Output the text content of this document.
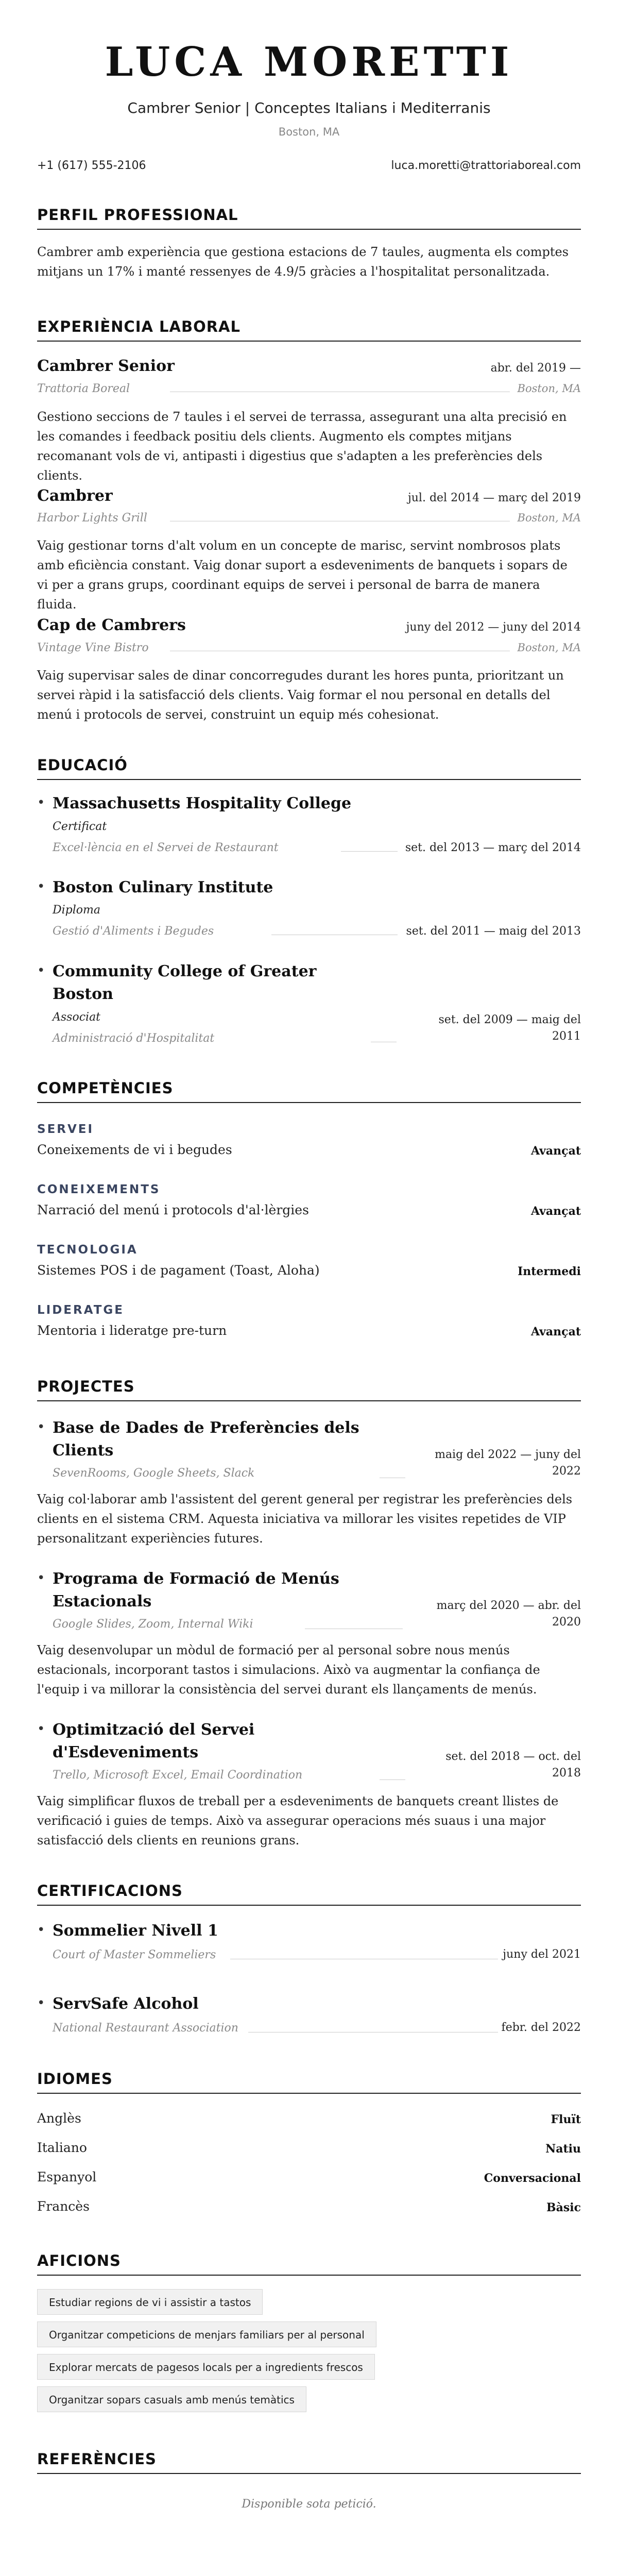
LUCA MORETTI
Cambrer Senior | Conceptes Italians i Mediterranis
Boston, MA
+1 (617) 555-2106	luca.moretti@trattoriaboreal.com
PERFIL PROFESSIONAL

Cambrer amb experiència que gestiona estacions de 7 taules, augmenta els comptes mitjans un 17% i manté ressenyes de 4.9/5 gràcies a l'hospitalitat personalitzada.

EXPERIÈNCIA LABORAL
Cambrer Senior	abr. del 2019 —
Trattoria Boreal	Boston, MA

Gestiono seccions de 7 taules i el servei de terrassa, assegurant una alta precisió en les comandes i feedback positiu dels clients. Augmento els comptes mitjans recomanant vols de vi, antipasti i digestius que s'adapten a les preferències dels clients.

Cambrer	jul. del 2014 — març del 2019
Harbor Lights Grill	Boston, MA

Vaig gestionar torns d'alt volum en un concepte de marisc, servint nombrosos plats amb eficiència constant. Vaig donar suport a esdeveniments de banquets i sopars de vi per a grans grups, coordinant equips de servei i personal de barra de manera fluida.

Cap de Cambrers	juny del 2012 — juny del 2014
Vintage Vine Bistro	Boston, MA

Vaig supervisar sales de dinar concorregudes durant les hores punta, prioritzant un servei ràpid i la satisfacció dels clients. Vaig formar el nou personal en detalls del menú i protocols de servei, construint un equip més cohesionat.

EDUCACIÓ
• Massachusetts Hospitality College
Certificat
Excel·lència en el Servei de Restaurant	set. del 2013 — març del 2014
• Boston Culinary Institute
Diploma
Gestió d'Aliments i Begudes	set. del 2011 — maig del 2013
• Community College of Greater
Boston
Associat
Administració d'Hospitalitat
set. del 2009 — maig del
2011
COMPETÈNCIES
SERVEI
Coneixements de vi i begudes	Avançat
CONEIXEMENTS
Narració del menú i protocols d'al·lèrgies	Avançat
TECNOLOGIA
Sistemes POS i de pagament (Toast, Aloha)	Intermedi
LIDERATGE
Mentoria i lideratge pre-turn	Avançat
PROJECTES
• Base de Dades de Preferències dels
Clients
SevenRooms, Google Sheets, Slack
maig del 2022 — juny del
2022

Vaig col·laborar amb l'assistent del gerent general per registrar les preferències dels clients en el sistema CRM. Aquesta iniciativa va millorar les visites repetides de VIP personalitzant experiències futures.

• Programa de Formació de Menús
Estacionals
Google Slides, Zoom, Internal Wiki
març del 2020 — abr. del
2020

Vaig desenvolupar un mòdul de formació per al personal sobre nous menús estacionals, incorporant tastos i simulacions. Això va augmentar la confiança de l'equip i va millorar la consistència del servei durant els llançaments de menús.

• Optimització del Servei
d'Esdeveniments
Trello, Microsoft Excel, Email Coordination
set. del 2018 — oct. del
2018

Vaig simplificar fluxos de treball per a esdeveniments de banquets creant llistes de verificació i guies de temps. Això va assegurar operacions més suaus i una major satisfacció dels clients en reunions grans.

CERTIFICACIONS
• Sommelier Nivell 1
Court of Master Sommeliers	juny del 2021
• ServSafe Alcohol
National Restaurant Association	febr. del 2022
IDIOMES
Anglès	Fluït
Italiano	Natiu
Espanyol	Conversacional
Francès	Bàsic
AFICIONS
Estudiar regions de vi i assistir a tastos
Organitzar competicions de menjars familiars per al personal
Explorar mercats de pagesos locals per a ingredients frescos
Organitzar sopars casuals amb menús temàtics
REFERÈNCIES
Disponible sota petició.
